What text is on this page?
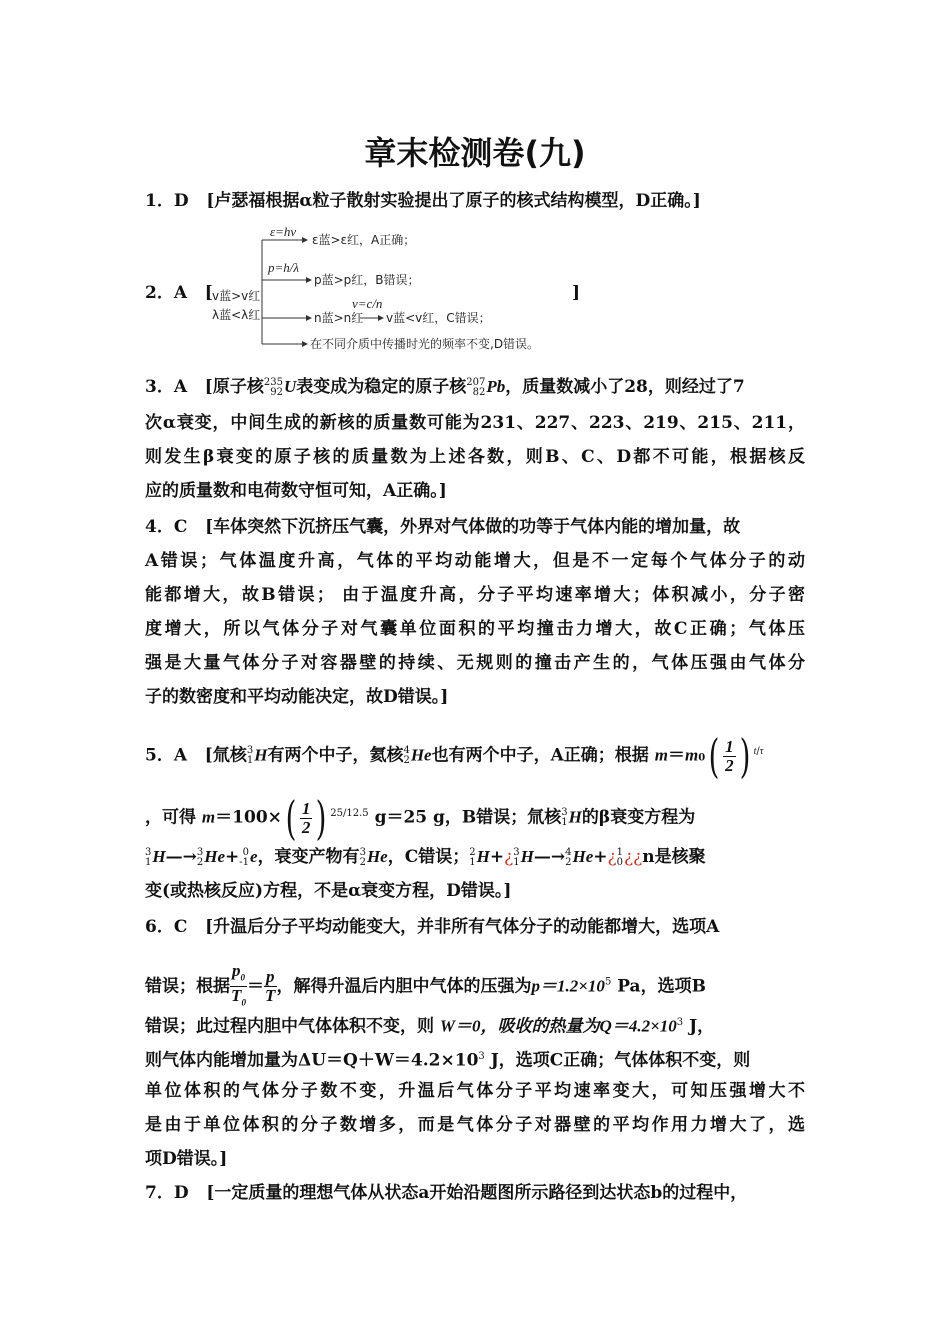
章末检测卷(九)
1．D [卢瑟福根据α粒子散射实验提出了原子的核式结构模型，D正确。]
2．A [	]
v蓝>v红
λ蓝<λ红
ε=hν
ε蓝>ε红，A正确；
p=h/λ
p蓝>p红，B错误；
n蓝>n红
v=c/n
v蓝<v红，C错误；
在不同介质中传播时光的频率不变,D错误。
3．A [原子核 235
92 U表变成为稳定的原子核 207
82 Pb，质量数减小了28，则经过了7
次α衰变，中间生成的新核的质量数可能为231、227、223、219、215、211，
则发生β衰变的原子核的质量数为上述各数，则B、C、D都不可能，根据核反
应的质量数和电荷数守恒可知，A正确。]
4．C [车体突然下沉挤压气囊，外界对气体做的功等于气体内能的增加量，故
A错误；气体温度升高，气体的平均动能增大，但是不一定每个气体分子的动
能都增大，故B错误； 由于温度升高，分子平均速率增大；体积减小，分子密
度增大，所以气体分子对气囊单位面积的平均撞击力增大，故C正确；气体压
强是大量气体分子对容器壁的持续、无规则的撞击产生的，气体压强由气体分
子的数密度和平均动能决定，故D错误。]
5．A [氚核 3
1 H有两个中子，氦核 4
2 He也有两个中子，A正确；根据 m＝m0 ( $\frac{1}{2}$ ) $^{t/\tau}$
，可得 m＝100× ( $\frac{1}{2}$ ) $^{25/12.5}$ g＝25 g，B错误；氚核 3
1 H的β衰变方程为
3
1 H—→ 3
2 He+ 0
-1 e，衰变产物有 3
2 He，C错误； 2
1 H+¿ 3
1 H—→ 4
2 He+¿ 1
0 ¿¿n是核聚
变(或热核反应)方程，不是α衰变方程，D错误。]
6．C [升温后分子平均动能变大，并非所有气体分子的动能都增大，选项A
错误；根据 $\frac{p_0}{T_0} = \frac{p}{T}$ ，解得升温后内胆中气体的压强为$p=1.2\times 10^5$ Pa，选项B
错误；此过程内胆中气体体积不变，则 W＝0，吸收的热量为$Q=4.2\times 10^3$ J，
则气体内能增加量为$\Delta U=Q+W=4.2\times 10^3$ J，选项C正确；气体体积不变，则
单位体积的气体分子数不变，升温后气体分子平均速率变大，可知压强增大不
是由于单位体积的分子数增多，而是气体分子对器壁的平均作用力增大了，选
项D错误。]
7．D [一定质量的理想气体从状态a开始沿题图所示路径到达状态b的过程中，
